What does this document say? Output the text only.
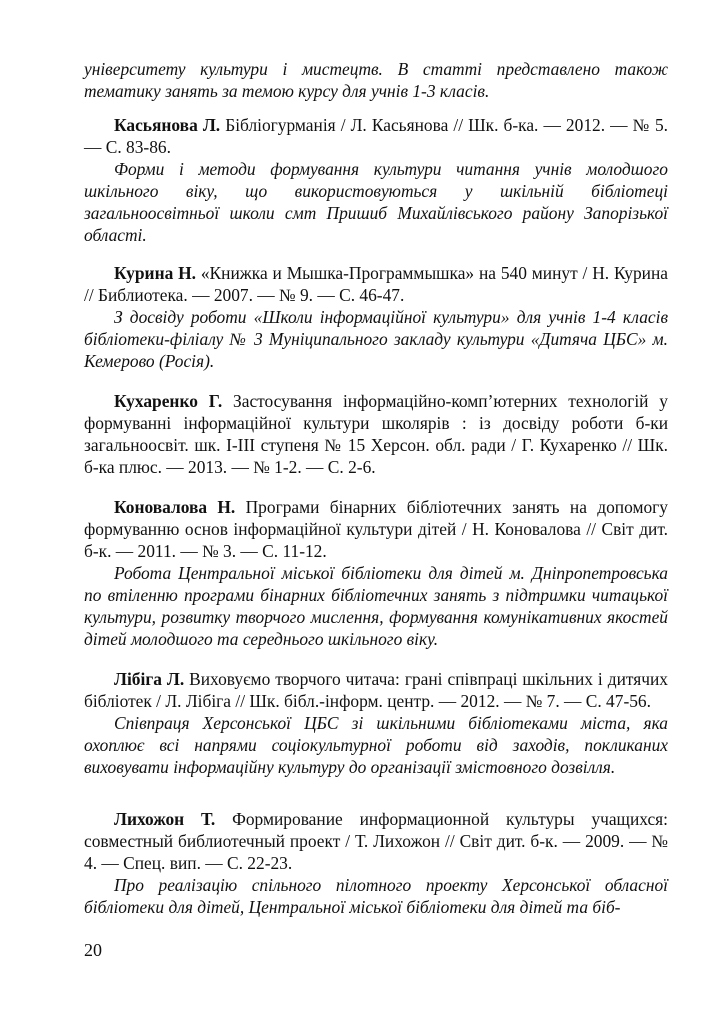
університету культури і мистецтв. В статті представлено також тематику занять за темою курсу для учнів 1-3 класів.

Касьянова Л. Бібліогурманія / Л. Касьянова // Шк. б-ка. — 2012. — № 5. — С. 83-86.

Форми і методи формування культури читання учнів молодшого шкільного віку, що використовуються у шкільній бібліотеці загальноосвітньої школи смт Пришиб Михайлівського району Запорізької області.

Курина Н. «Книжка и Мышка-Программышка» на 540 минут / Н. Курина // Библиотека. — 2007. — № 9. — С. 46-47.

З досвіду роботи «Школи інформаційної культури» для учнів 1-4 класів бібліотеки-філіалу № 3 Муніципального закладу культури «Дитяча ЦБС» м. Кемерово (Росія).

Кухаренко Г. Застосування інформаційно-комп’ютерних технологій у формуванні інформаційної культури школярів : із досвіду роботи б-ки загальноосвіт. шк. І-ІІІ ступеня № 15 Херсон. обл. ради / Г. Кухаренко // Шк. б-ка плюс. — 2013. — № 1-2. — С. 2-6.

Коновалова Н. Програми бінарних бібліотечних занять на допомогу формуванню основ інформаційної культури дітей / Н. Коновалова // Світ дит. б-к. — 2011. — № 3. — С. 11-12.

Робота Центральної міської бібліотеки для дітей м. Дніпропетровська по втіленню програми бінарних бібліотечних занять з підтримки читацької культури, розвитку творчого мислення, формування комунікативних якостей дітей молодшого та середнього шкільного віку.

Лібіга Л. Виховуємо творчого читача: грані співпраці шкільних і дитячих бібліотек / Л. Лібіга // Шк. бібл.-інформ. центр. — 2012. — № 7. — С. 47-56.

Співпраця Херсонської ЦБС зі шкільними бібліотеками міста, яка охоплює всі напрями соціокультурної роботи від заходів, покликаних виховувати інформаційну культуру до організації змістовного дозвілля.

Лихожон Т. Формирование информационной культуры учащихся: совместный библиотечный проект / Т. Лихожон // Світ дит. б-к. — 2009. — № 4. — Спец. вип. — С. 22-23.

Про реалізацію спільного пілотного проекту Херсонської обласної бібліотеки для дітей, Центральної міської бібліотеки для дітей та біб-

20
